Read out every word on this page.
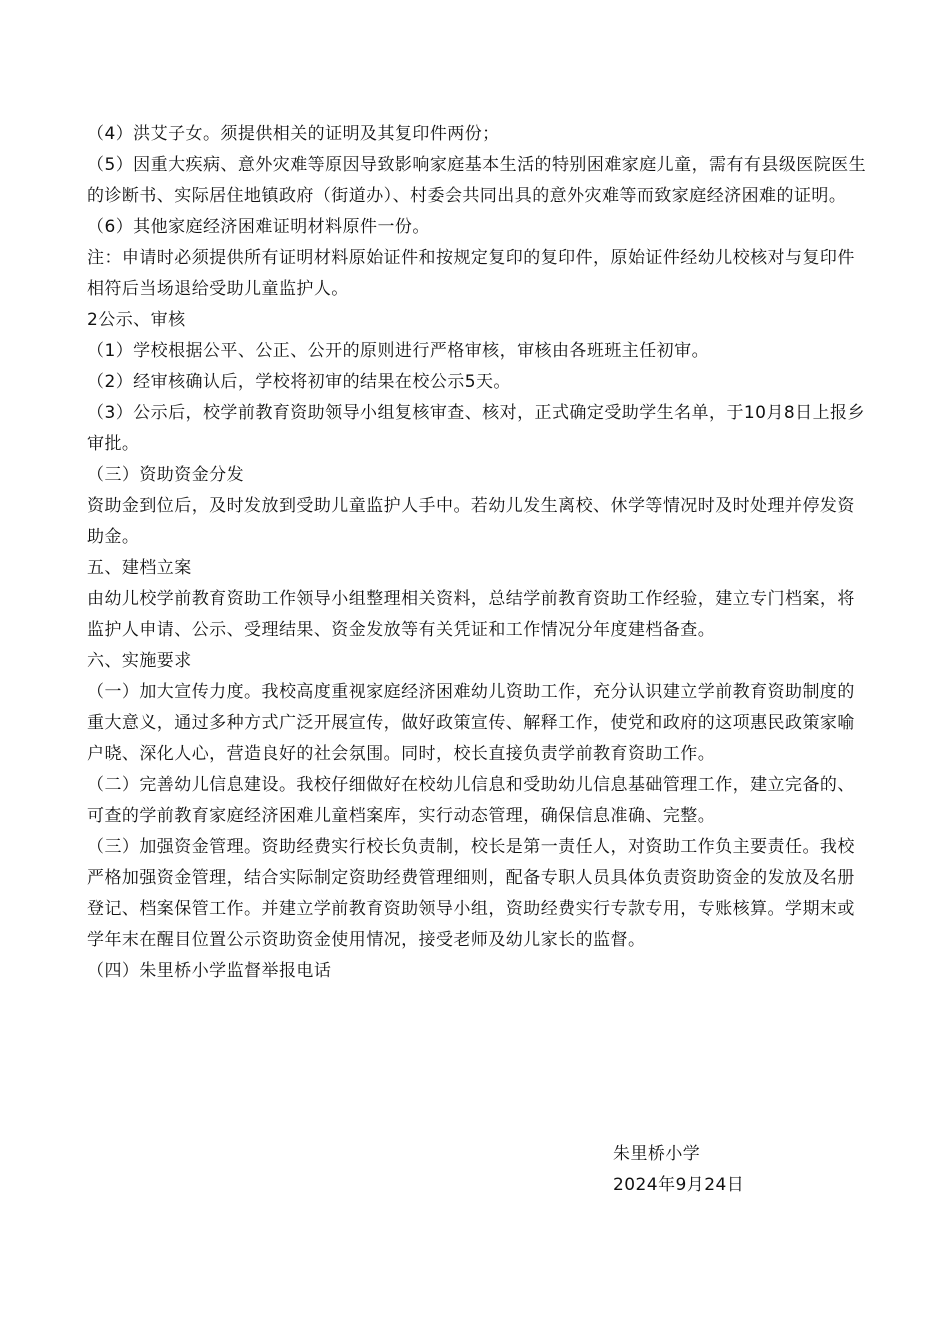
（4）洪艾子女。须提供相关的证明及其复印件两份；

（5）因重大疾病、意外灾难等原因导致影响家庭基本生活的特别困难家庭儿童，需有有县级医院医生的诊断书、实际居住地镇政府（街道办）、村委会共同出具的意外灾难等而致家庭经济困难的证明。

（6）其他家庭经济困难证明材料原件一份。

注：申请时必须提供所有证明材料原始证件和按规定复印的复印件，原始证件经幼儿校核对与复印件相符后当场退给受助儿童监护人。

2公示、审核

（1）学校根据公平、公正、公开的原则进行严格审核，审核由各班班主任初审。

（2）经审核确认后，学校将初审的结果在校公示5天。

（3）公示后，校学前教育资助领导小组复核审查、核对，正式确定受助学生名单，于10月8日上报乡审批。

（三）资助资金分发

资助金到位后，及时发放到受助儿童监护人手中。若幼儿发生离校、休学等情况时及时处理并停发资助金。

五、建档立案

由幼儿校学前教育资助工作领导小组整理相关资料，总结学前教育资助工作经验，建立专门档案，将监护人申请、公示、受理结果、资金发放等有关凭证和工作情况分年度建档备查。

六、实施要求

（一）加大宣传力度。我校高度重视家庭经济困难幼儿资助工作，充分认识建立学前教育资助制度的重大意义，通过多种方式广泛开展宣传，做好政策宣传、解释工作，使党和政府的这项惠民政策家喻户晓、深化人心，营造良好的社会氛围。同时，校长直接负责学前教育资助工作。

（二）完善幼儿信息建设。我校仔细做好在校幼儿信息和受助幼儿信息基础管理工作，建立完备的、可查的学前教育家庭经济困难儿童档案库，实行动态管理，确保信息准确、完整。

（三）加强资金管理。资助经费实行校长负责制，校长是第一责任人，对资助工作负主要责任。我校严格加强资金管理，结合实际制定资助经费管理细则，配备专职人员具体负责资助资金的发放及名册登记、档案保管工作。并建立学前教育资助领导小组，资助经费实行专款专用，专账核算。学期末或学年末在醒目位置公示资助资金使用情况，接受老师及幼儿家长的监督。

（四）朱里桥小学监督举报电话

朱里桥小学

2024年9月24日
